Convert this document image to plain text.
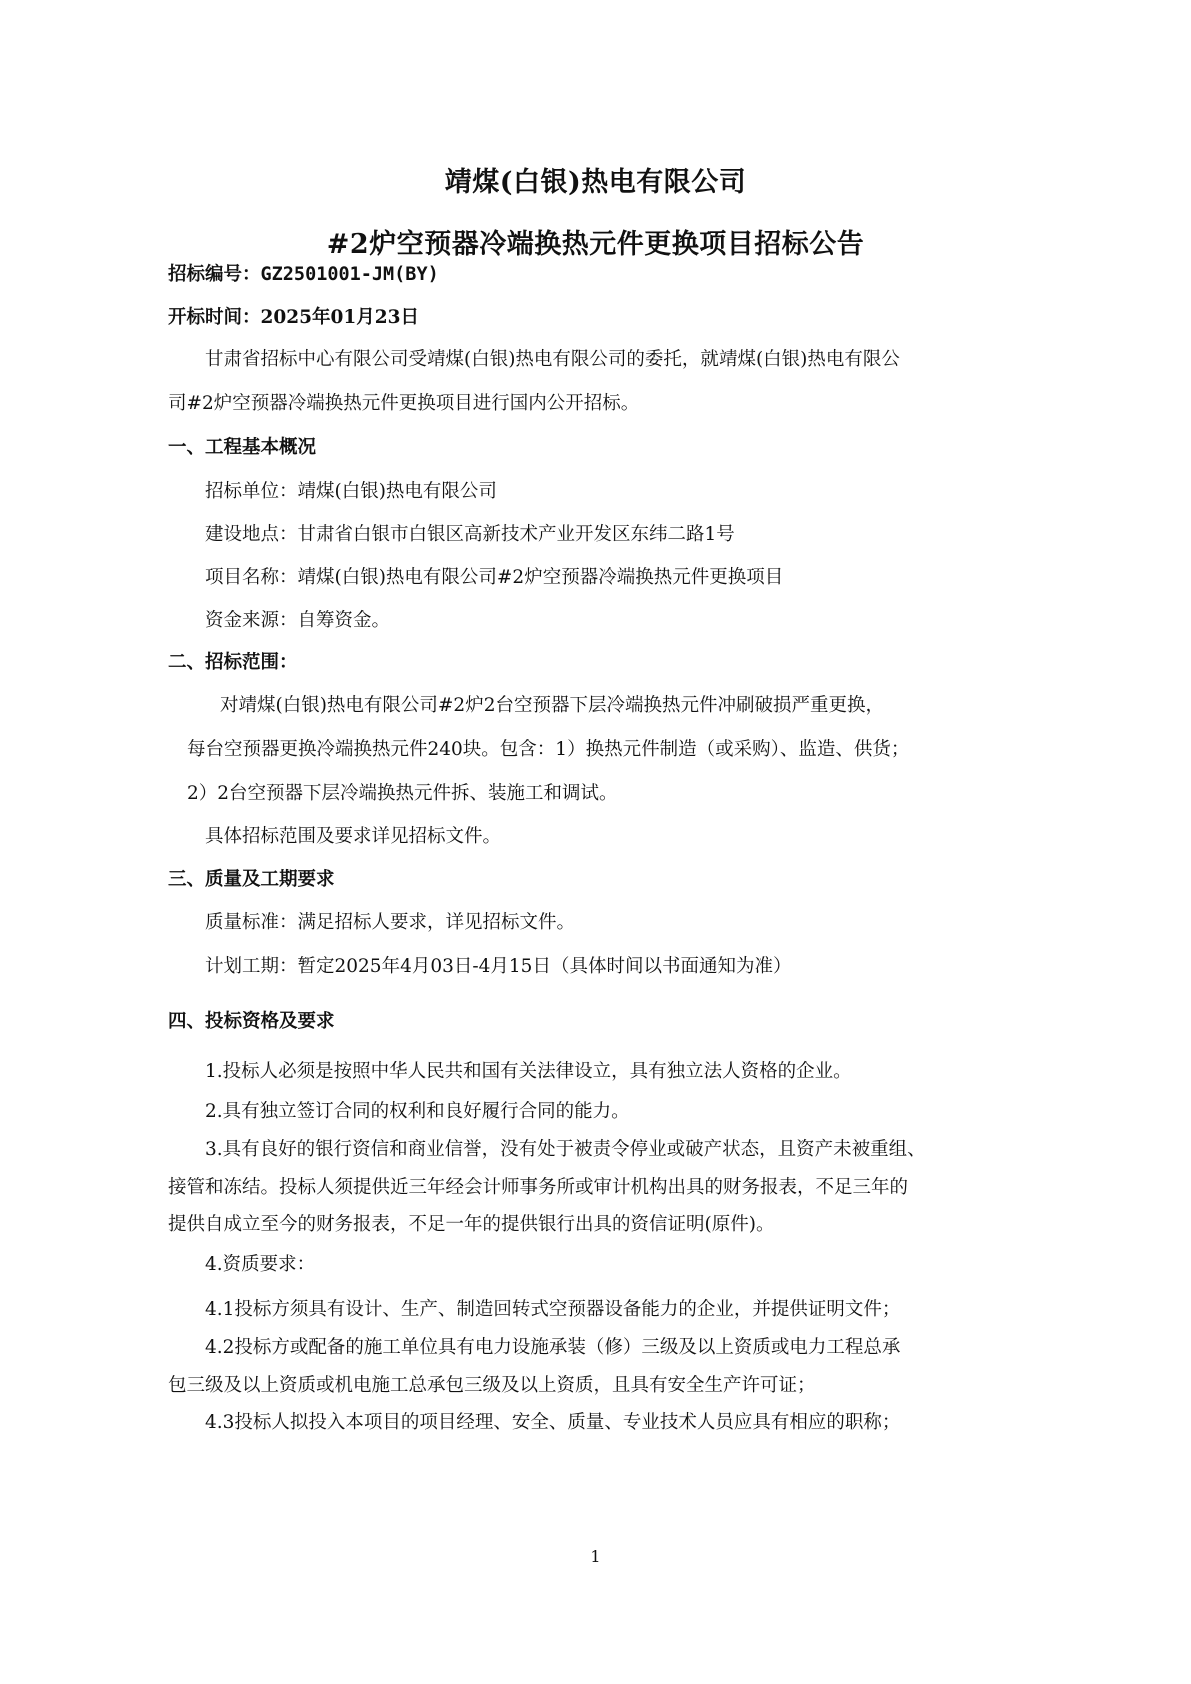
靖煤(白银)热电有限公司
#2炉空预器冷端换热元件更换项目招标公告
招标编号：GZ2501001-JM(BY)
开标时间：2025年01月23日
甘肃省招标中心有限公司受靖煤(白银)热电有限公司的委托，就靖煤(白银)热电有限公
司#2炉空预器冷端换热元件更换项目进行国内公开招标。
一、工程基本概况
招标单位：靖煤(白银)热电有限公司
建设地点：甘肃省白银市白银区高新技术产业开发区东纬二路1号
项目名称：靖煤(白银)热电有限公司#2炉空预器冷端换热元件更换项目
资金来源：自筹资金。
二、招标范围：
对靖煤(白银)热电有限公司#2炉2台空预器下层冷端换热元件冲刷破损严重更换，
每台空预器更换冷端换热元件240块。包含：1）换热元件制造（或采购）、监造、供货；
2）2台空预器下层冷端换热元件拆、装施工和调试。
具体招标范围及要求详见招标文件。
三、质量及工期要求
质量标准：满足招标人要求，详见招标文件。
计划工期：暂定2025年4月03日-4月15日（具体时间以书面通知为准）
四、投标资格及要求
1.投标人必须是按照中华人民共和国有关法律设立，具有独立法人资格的企业。
2.具有独立签订合同的权利和良好履行合同的能力。
3.具有良好的银行资信和商业信誉，没有处于被责令停业或破产状态，且资产未被重组、
接管和冻结。投标人须提供近三年经会计师事务所或审计机构出具的财务报表，不足三年的
提供自成立至今的财务报表，不足一年的提供银行出具的资信证明(原件)。
4.资质要求：
4.1投标方须具有设计、生产、制造回转式空预器设备能力的企业，并提供证明文件；
4.2投标方或配备的施工单位具有电力设施承装（修）三级及以上资质或电力工程总承
包三级及以上资质或机电施工总承包三级及以上资质，且具有安全生产许可证；
4.3投标人拟投入本项目的项目经理、安全、质量、专业技术人员应具有相应的职称；
1
